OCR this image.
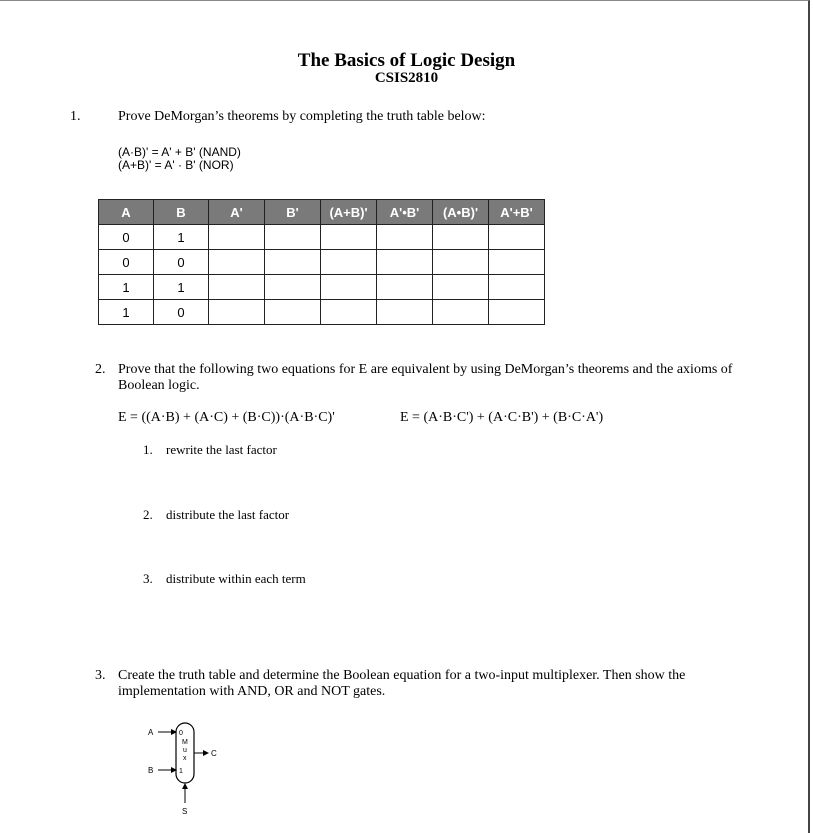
The Basics of Logic Design
CSIS2810
1.	Prove DeMorgan’s theorems by completing the truth table below:
(A·B)' = A' + B' (NAND)
(A+B)' = A' · B' (NOR)
A	B	A'	B'	(A+B)'	A'•B'	(A•B)'	A'+B'
0	1						
0	0						
1	1						
1	0						
2. Prove that the following two equations for E are equivalent by using DeMorgan’s theorems and the axioms of Boolean logic.
E = ((A·B) + (A·C) + (B·C))·(A·B·C)'	E = (A·B·C') + (A·C·B') + (B·C·A')
1. rewrite the last factor
2. distribute the last factor
3. distribute within each term
3. Create the truth table and determine the Boolean equation for a two-input multiplexer. Then show the implementation with AND, OR and NOT gates.
A
B
C
S
0
1
M
u
x
